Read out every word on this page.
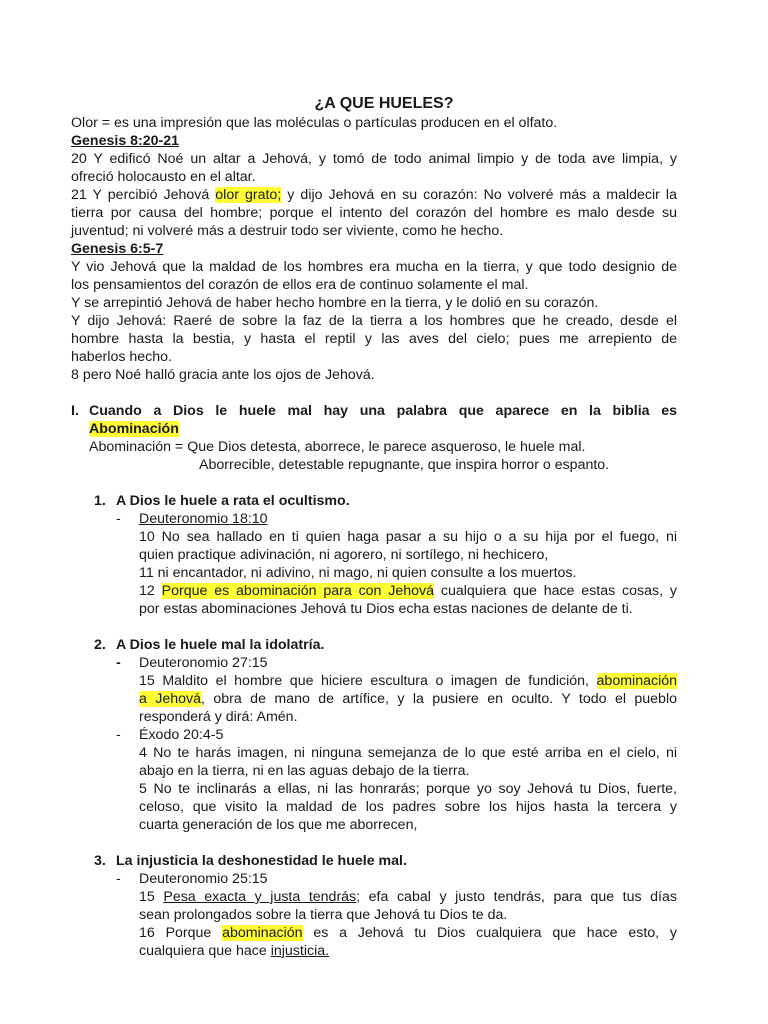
¿A QUE HUELES?
Olor = es una impresión que las moléculas o partículas producen en el olfato.
Genesis 8:20-21
20 Y edificó Noé un altar a Jehová, y tomó de todo animal limpio y de toda ave limpia, y
ofreció holocausto en el altar.
21 Y percibió Jehová olor grato; y dijo Jehová en su corazón: No volveré más a maldecir la
tierra por causa del hombre; porque el intento del corazón del hombre es malo desde su
juventud; ni volveré más a destruir todo ser viviente, como he hecho.
Genesis 6:5-7
Y vio Jehová que la maldad de los hombres era mucha en la tierra, y que todo designio de
los pensamientos del corazón de ellos era de continuo solamente el mal.
Y se arrepintió Jehová de haber hecho hombre en la tierra, y le dolió en su corazón.
Y dijo Jehová: Raeré de sobre la faz de la tierra a los hombres que he creado, desde el
hombre hasta la bestia, y hasta el reptil y las aves del cielo; pues me arrepiento de
haberlos hecho.
8 pero Noé halló gracia ante los ojos de Jehová.
I. Cuando a Dios le huele mal hay una palabra que aparece en la biblia es
Abominación
Abominación = Que Dios detesta, aborrece, le parece asqueroso, le huele mal.
Aborrecible, detestable repugnante, que inspira horror o espanto.
1. A Dios le huele a rata el ocultismo.
-	Deuteronomio 18:10
10 No sea hallado en ti quien haga pasar a su hijo o a su hija por el fuego, ni
quien practique adivinación, ni agorero, ni sortílego, ni hechicero,
11 ni encantador, ni adivino, ni mago, ni quien consulte a los muertos.
12 Porque es abominación para con Jehová cualquiera que hace estas cosas, y
por estas abominaciones Jehová tu Dios echa estas naciones de delante de ti.
2. A Dios le huele mal la idolatría.
-	Deuteronomio 27:15
15 Maldito el hombre que hiciere escultura o imagen de fundición, abominación
a Jehová, obra de mano de artífice, y la pusiere en oculto. Y todo el pueblo
responderá y dirá: Amén.
-	Éxodo 20:4-5
4 No te harás imagen, ni ninguna semejanza de lo que esté arriba en el cielo, ni
abajo en la tierra, ni en las aguas debajo de la tierra.
5 No te inclinarás a ellas, ni las honrarás; porque yo soy Jehová tu Dios, fuerte,
celoso, que visito la maldad de los padres sobre los hijos hasta la tercera y
cuarta generación de los que me aborrecen,
3. La injusticia la deshonestidad le huele mal.
-	Deuteronomio 25:15
15 Pesa exacta y justa tendrás; efa cabal y justo tendrás, para que tus días
sean prolongados sobre la tierra que Jehová tu Dios te da.
16 Porque abominación es a Jehová tu Dios cualquiera que hace esto, y
cualquiera que hace injusticia.
